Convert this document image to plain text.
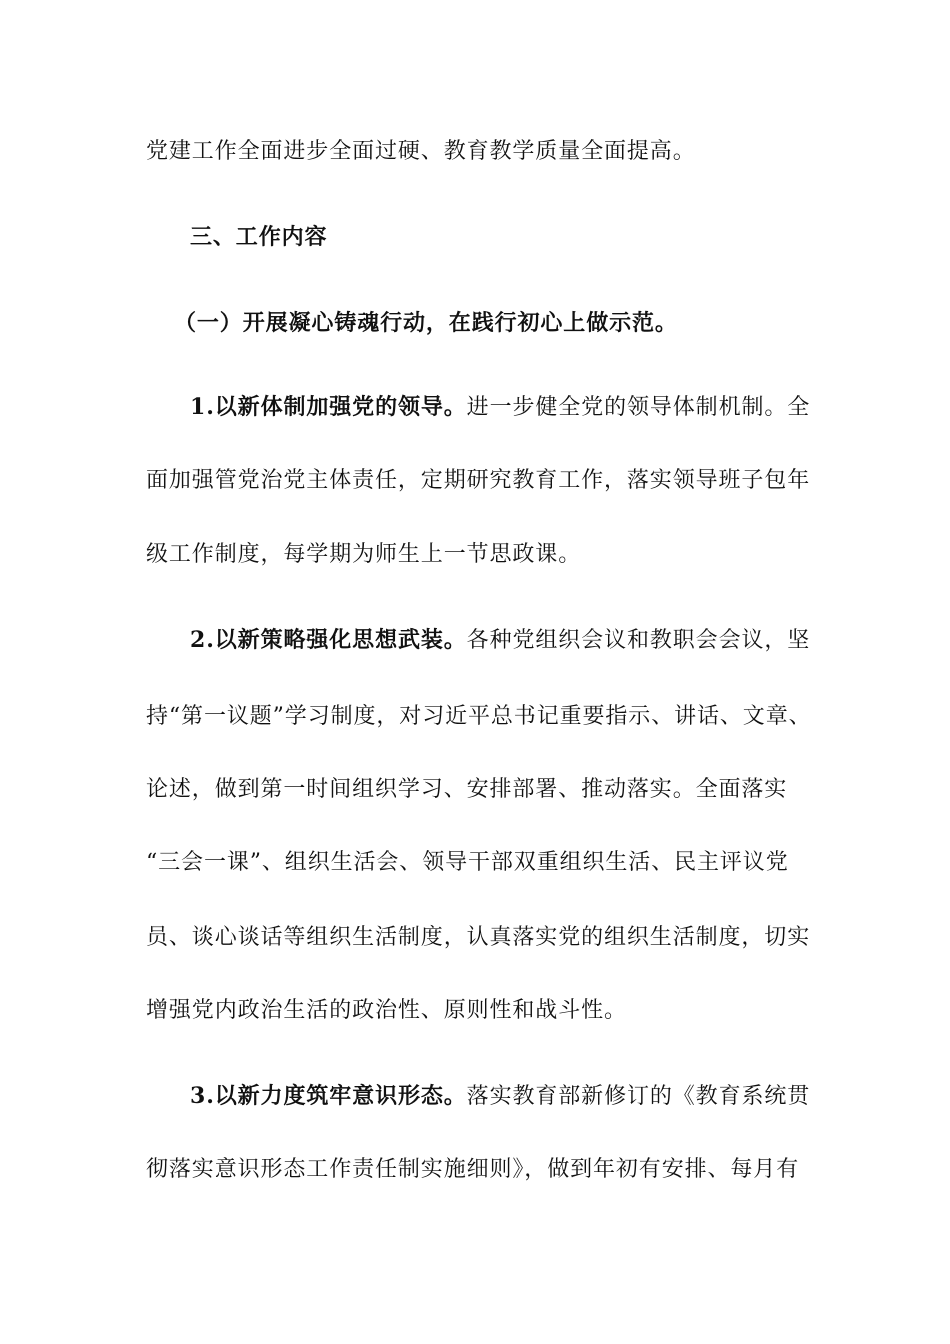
党建工作全面进步全面过硬、教育教学质量全面提高。

三、工作内容

（一）开展凝心铸魂行动，在践行初心上做示范。

1.以新体制加强党的领导。进一步健全党的领导体制机制。全

面加强管党治党主体责任，定期研究教育工作，落实领导班子包年

级工作制度，每学期为师生上一节思政课。

2.以新策略强化思想武装。各种党组织会议和教职会会议，坚

持“第一议题”学习制度，对习近平总书记重要指示、讲话、文章、

论述，做到第一时间组织学习、安排部署、推动落实。全面落实

“三会一课”、组织生活会、领导干部双重组织生活、民主评议党

员、谈心谈话等组织生活制度，认真落实党的组织生活制度，切实

增强党内政治生活的政治性、原则性和战斗性。

3.以新力度筑牢意识形态。落实教育部新修订的《教育系统贯

彻落实意识形态工作责任制实施细则》，做到年初有安排、每月有
